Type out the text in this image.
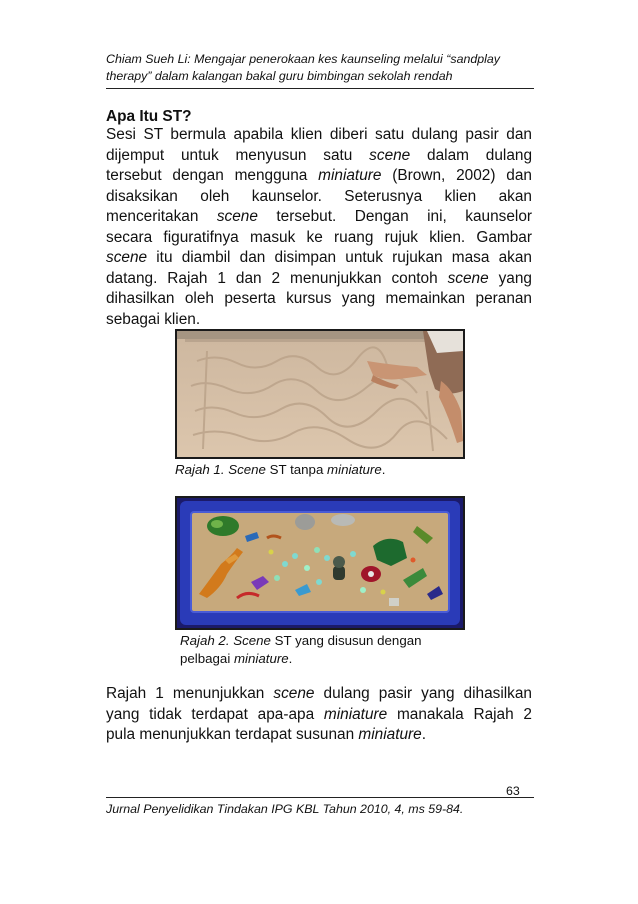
Chiam Sueh Li: Mengajar penerokaan kes kaunseling melalui “sandplay
therapy” dalam kalangan bakal guru bimbingan sekolah rendah
Apa Itu ST?
Sesi ST bermula apabila klien diberi satu dulang pasir dan
dijemput untuk menyusun satu scene dalam dulang
tersebut dengan mengguna miniature (Brown, 2002) dan
disaksikan oleh kaunselor. Seterusnya klien akan
menceritakan scene tersebut. Dengan ini, kaunselor
secara figuratifnya masuk ke ruang rujuk klien. Gambar
scene itu diambil dan disimpan untuk rujukan masa akan
datang. Rajah 1 dan 2 menunjukkan contoh scene yang
dihasilkan oleh peserta kursus yang memainkan peranan
sebagai klien.
Rajah 1. Scene ST tanpa miniature.
Rajah 2. Scene ST yang disusun dengan
pelbagai miniature.
Rajah 1 menunjukkan scene dulang pasir yang dihasilkan
yang tidak terdapat apa-apa miniature manakala Rajah 2
pula menunjukkan terdapat susunan miniature.
63
Jurnal Penyelidikan Tindakan IPG KBL Tahun 2010, 4, ms 59-84.
